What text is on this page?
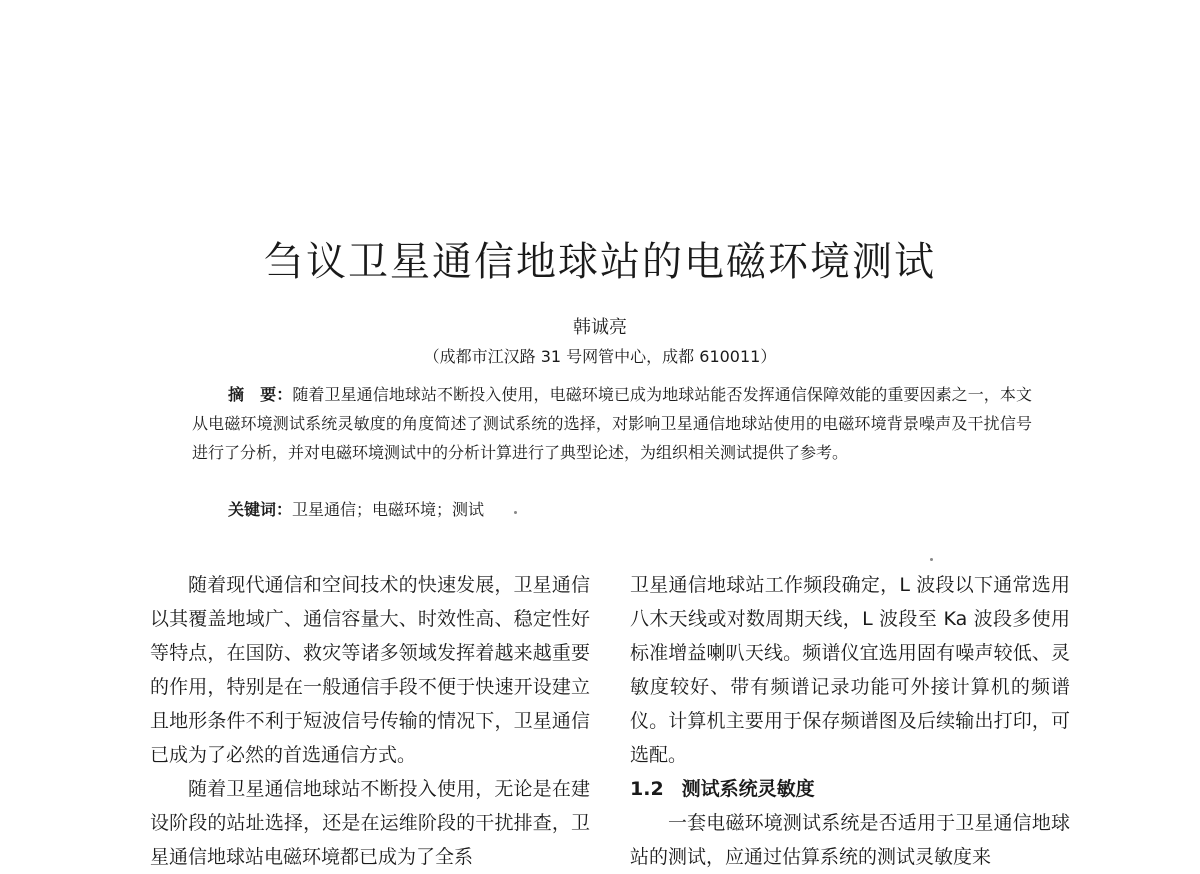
刍议卫星通信地球站的电磁环境测试
韩诚亮
（成都市江汉路 31 号网管中心，成都 610011）
摘　要：随着卫星通信地球站不断投入使用，电磁环境已成为地球站能否发挥通信保障效能的重要因素之一，本文从电磁环境测试系统灵敏度的角度简述了测试系统的选择，对影响卫星通信地球站使用的电磁环境背景噪声及干扰信号进行了分析，并对电磁环境测试中的分析计算进行了典型论述，为组织相关测试提供了参考。
关键词：卫星通信；电磁环境；测试

随着现代通信和空间技术的快速发展，卫星通信以其覆盖地域广、通信容量大、时效性高、稳定性好等特点，在国防、救灾等诸多领域发挥着越来越重要的作用，特别是在一般通信手段不便于快速开设建立且地形条件不利于短波信号传输的情况下，卫星通信已成为了必然的首选通信方式。

随着卫星通信地球站不断投入使用，无论是在建设阶段的站址选择，还是在运维阶段的干扰排查，卫星通信地球站电磁环境都已成为了全系

卫星通信地球站工作频段确定，L 波段以下通常选用八木天线或对数周期天线，L 波段至 Ka 波段多使用标准增益喇叭天线。频谱仪宜选用固有噪声较低、灵敏度较好、带有频谱记录功能可外接计算机的频谱仪。计算机主要用于保存频谱图及后续输出打印，可选配。

1.2 测试系统灵敏度

一套电磁环境测试系统是否适用于卫星通信地球站的测试，应通过估算系统的测试灵敏度来
